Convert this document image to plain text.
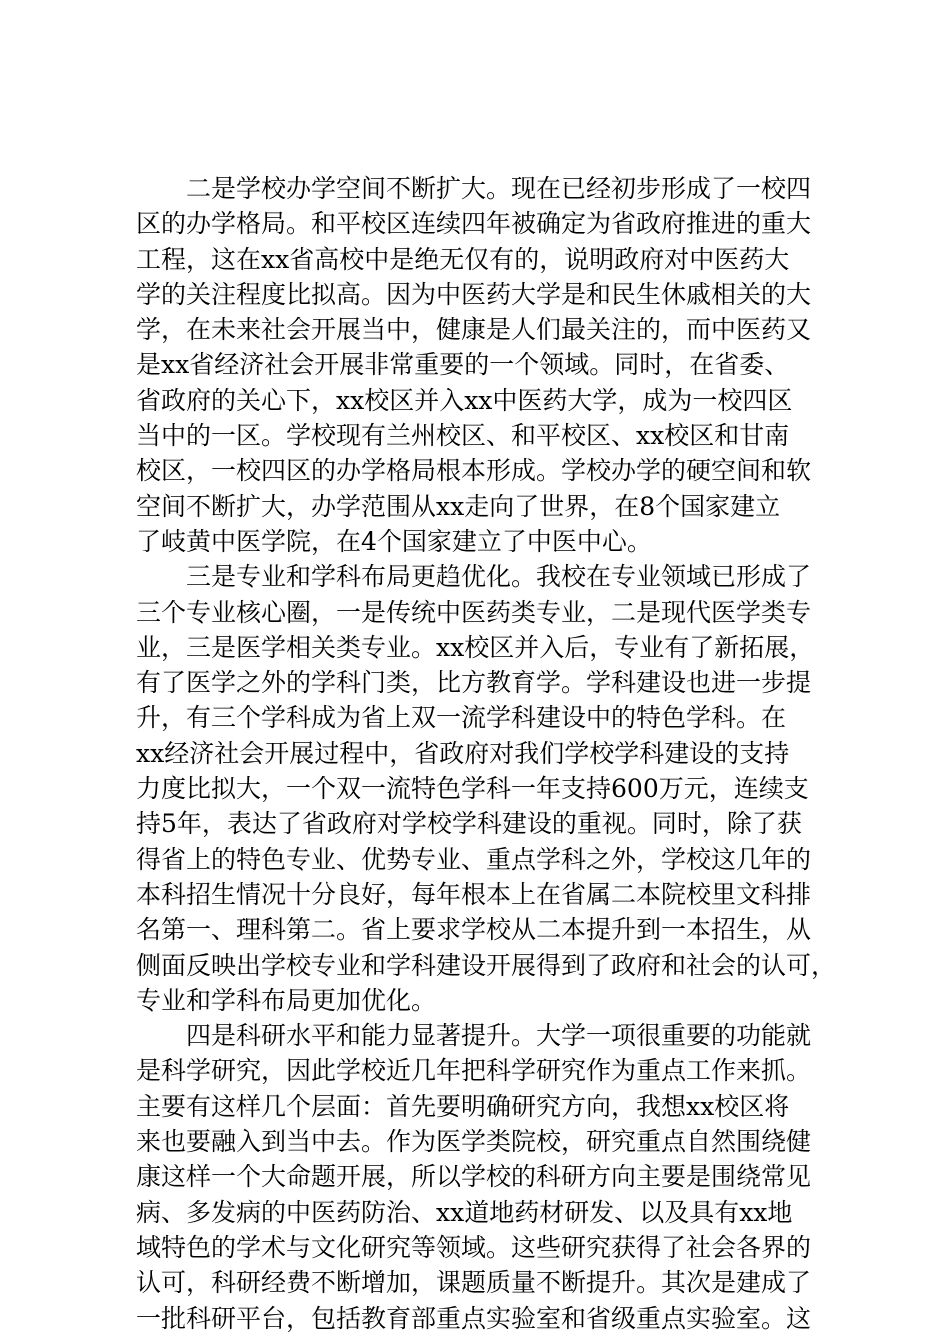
二是学校办学空间不断扩大。现在已经初步形成了一校四
区的办学格局。和平校区连续四年被确定为省政府推进的重大
工程，这在xx省高校中是绝无仅有的，说明政府对中医药大
学的关注程度比拟高。因为中医药大学是和民生休戚相关的大
学，在未来社会开展当中，健康是人们最关注的，而中医药又
是xx省经济社会开展非常重要的一个领域。同时，在省委、
省政府的关心下，xx校区并入xx中医药大学，成为一校四区
当中的一区。学校现有兰州校区、和平校区、xx校区和甘南
校区，一校四区的办学格局根本形成。学校办学的硬空间和软
空间不断扩大，办学范围从xx走向了世界，在8个国家建立
了岐黄中医学院，在4个国家建立了中医中心。
三是专业和学科布局更趋优化。我校在专业领域已形成了
三个专业核心圈，一是传统中医药类专业，二是现代医学类专
业，三是医学相关类专业。xx校区并入后，专业有了新拓展，
有了医学之外的学科门类，比方教育学。学科建设也进一步提
升，有三个学科成为省上双一流学科建设中的特色学科。在
xx经济社会开展过程中，省政府对我们学校学科建设的支持
力度比拟大，一个双一流特色学科一年支持600万元，连续支
持5年，表达了省政府对学校学科建设的重视。同时，除了获
得省上的特色专业、优势专业、重点学科之外，学校这几年的
本科招生情况十分良好，每年根本上在省属二本院校里文科排
名第一、理科第二。省上要求学校从二本提升到一本招生，从
侧面反映出学校专业和学科建设开展得到了政府和社会的认可，
专业和学科布局更加优化。
四是科研水平和能力显著提升。大学一项很重要的功能就
是科学研究，因此学校近几年把科学研究作为重点工作来抓。
主要有这样几个层面：首先要明确研究方向，我想xx校区将
来也要融入到当中去。作为医学类院校，研究重点自然围绕健
康这样一个大命题开展，所以学校的科研方向主要是围绕常见
病、多发病的中医药防治、xx道地药材研发、以及具有xx地
域特色的学术与文化研究等领域。这些研究获得了社会各界的
认可，科研经费不断增加，课题质量不断提升。其次是建成了
一批科研平台，包括教育部重点实验室和省级重点实验室。这
